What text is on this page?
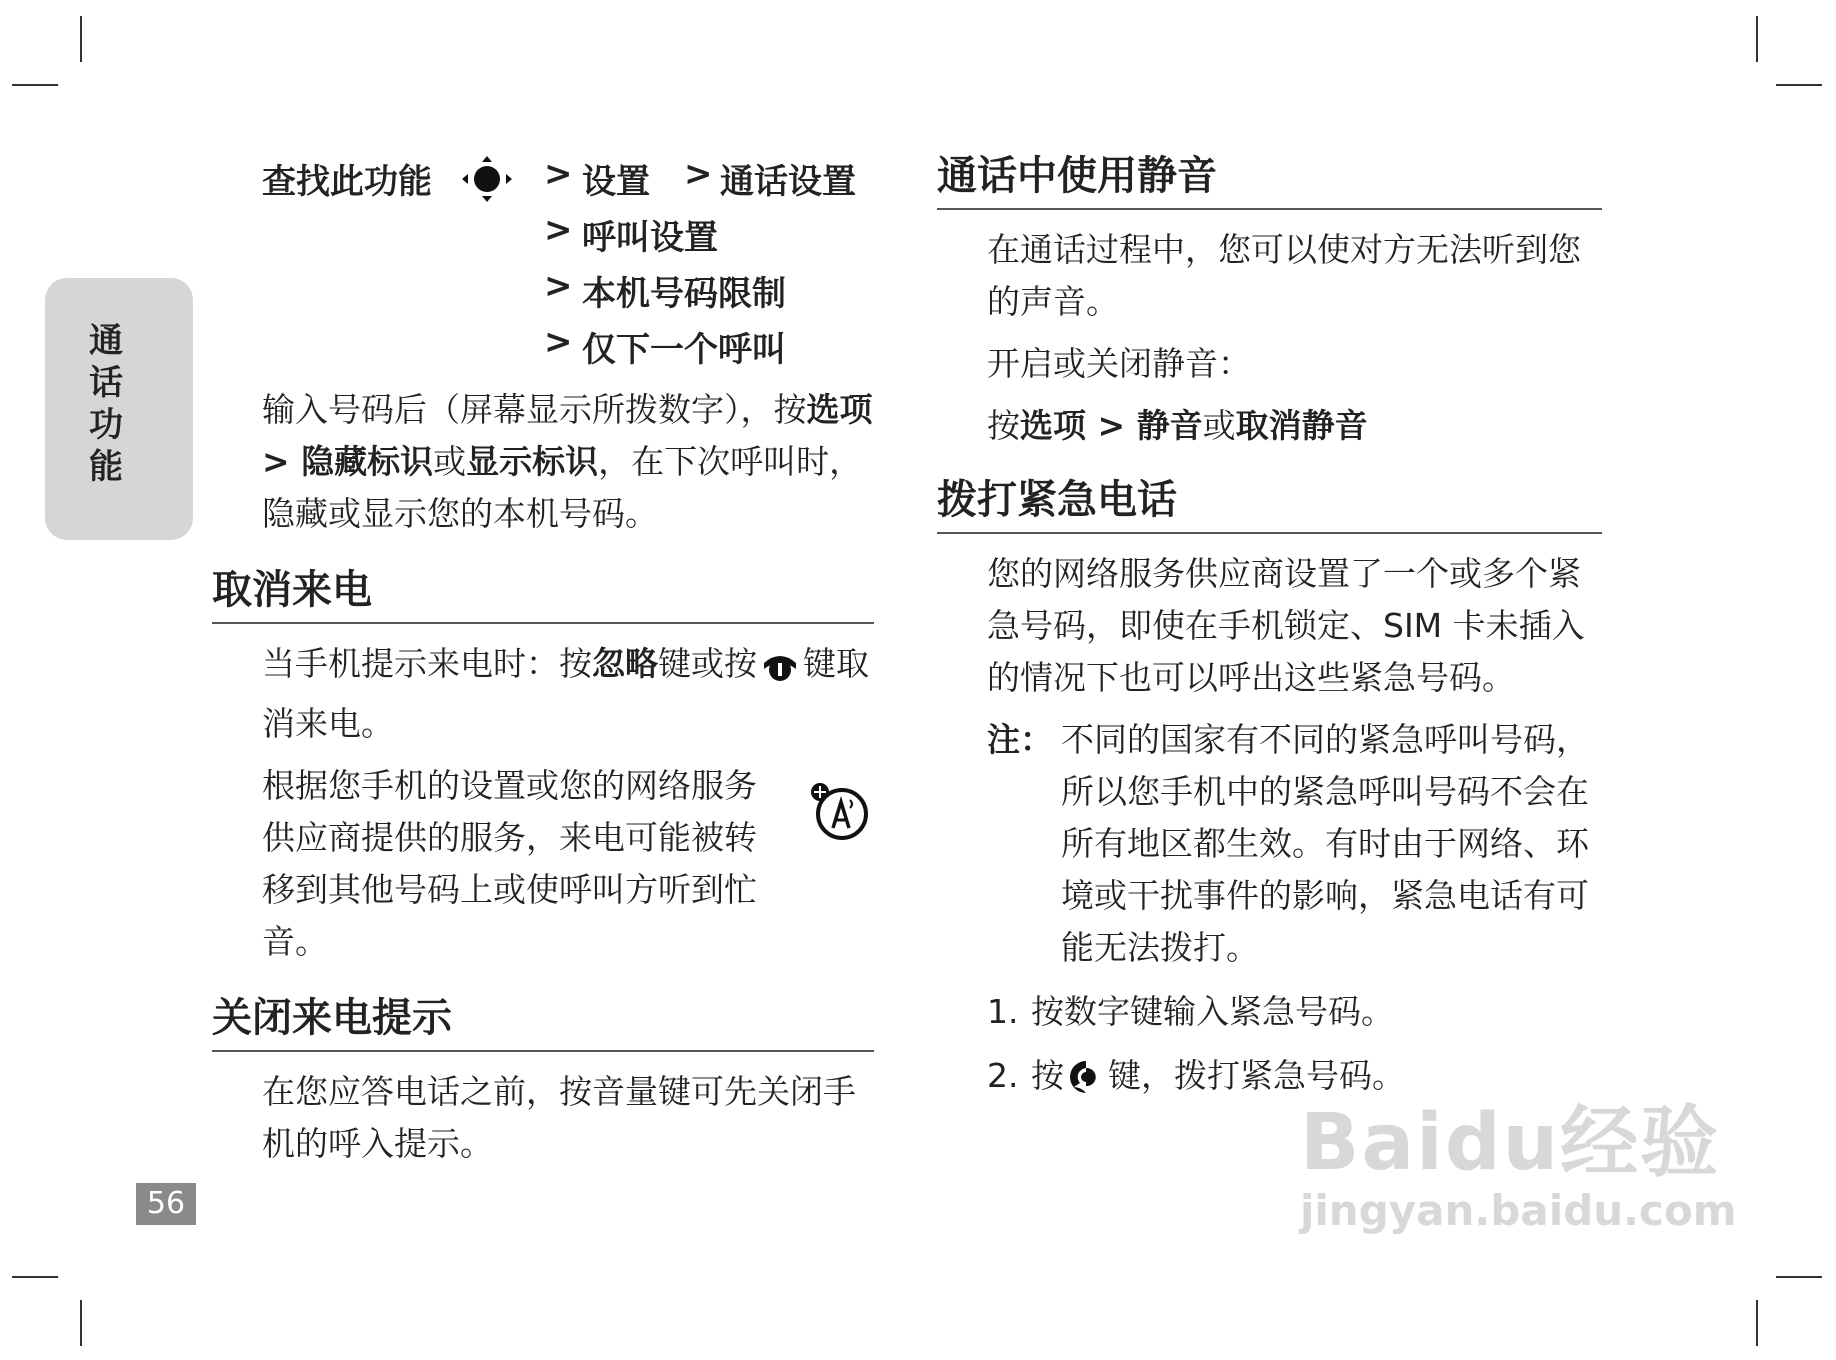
通
话
功
能
56
查找此功能	> 设置 > 通话设置
> 呼叫设置
> 本机号码限制
> 仅下一个呼叫

输入号码后（屏幕显示所拨数字），按选项 > 隐藏标识或显示标识，在下次呼叫时，隐藏或显示您的本机号码。

取消来电

当手机提示来电时：按忽略键或按 键取消来电。

根据您手机的设置或您的网络服务供应商提供的服务，来电可能被转移到其他号码上或使呼叫方听到忙音。

关闭来电提示

在您应答电话之前，按音量键可先关闭手机的呼入提示。

通话中使用静音

在通话过程中，您可以使对方无法听到您的声音。

开启或关闭静音：

按选项 > 静音或取消静音

拨打紧急电话

您的网络服务供应商设置了一个或多个紧急号码，即使在手机锁定、SIM 卡未插入的情况下也可以呼出这些紧急号码。

注： 不同的国家有不同的紧急呼叫号码，所以您手机中的紧急呼叫号码不会在所有地区都生效。有时由于网络、环境或干扰事件的影响，紧急电话有可能无法拨打。
1. 按数字键输入紧急号码。
2. 按 键，拨打紧急号码。
Baidu经验
jingyan.baidu.com
